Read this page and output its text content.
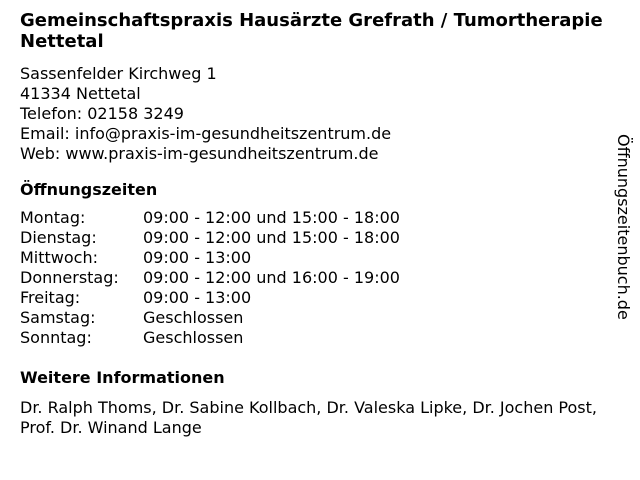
Gemeinschaftspraxis Hausärzte Grefrath / Tumortherapie Nettetal
Sassenfelder Kirchweg 1
41334 Nettetal
Telefon: 02158 3249
Email: info@praxis-im-gesundheitszentrum.de
Web: www.praxis-im-gesundheitszentrum.de
Öffnungszeiten
Montag:	09:00 - 12:00 und 15:00 - 18:00
Dienstag:	09:00 - 12:00 und 15:00 - 18:00
Mittwoch:	09:00 - 13:00
Donnerstag:	09:00 - 12:00 und 16:00 - 19:00
Freitag:	09:00 - 13:00
Samstag:	Geschlossen
Sonntag:	Geschlossen
Weitere Informationen
Dr. Ralph Thoms, Dr. Sabine Kollbach, Dr. Valeska Lipke, Dr. Jochen Post, Prof. Dr. Winand Lange
Öffnungszeitenbuch.de
